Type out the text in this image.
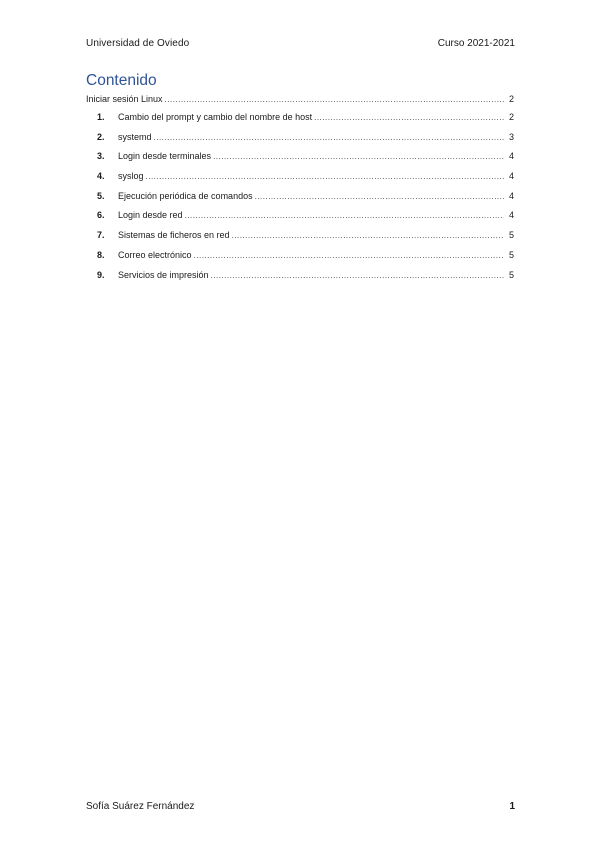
Universidad de Oviedo	Curso 2021-2021
Contenido
Iniciar sesión Linux .....	2
1.	Cambio del prompt y cambio del nombre de host .....	2
2.	systemd .....	3
3.	Login desde terminales .....	4
4.	syslog .....	4
5.	Ejecución periódica de comandos .....	4
6.	Login desde red .....	4
7.	Sistemas de ficheros en red .....	5
8.	Correo electrónico .....	5
9.	Servicios de impresión .....	5
Sofía Suárez Fernández	1
